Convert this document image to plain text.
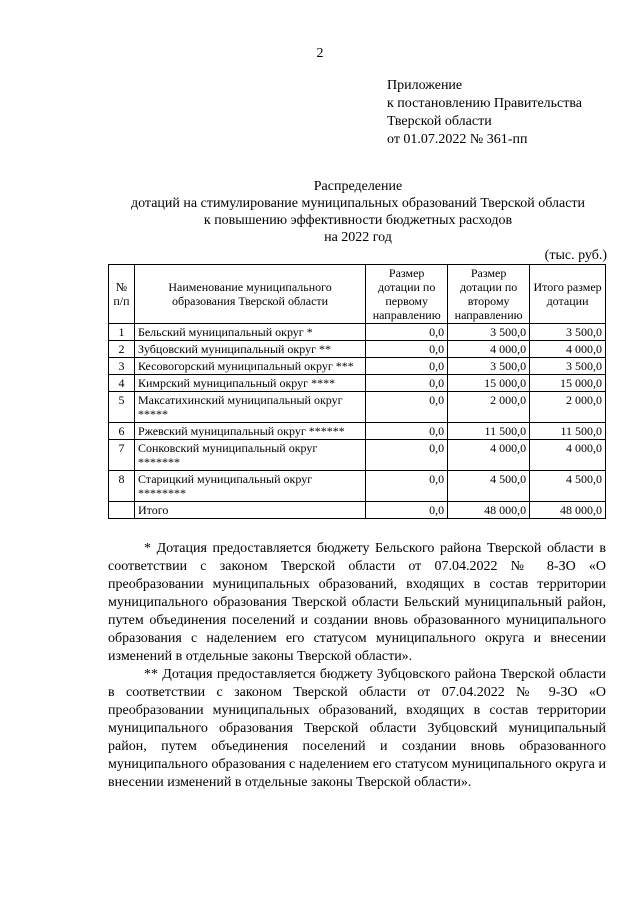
2
Приложение
к постановлению Правительства
Тверской области
от 01.07.2022 № 361-пп
Распределение
дотаций на стимулирование муниципальных образований Тверской области
к повышению эффективности бюджетных расходов
на 2022 год
(тыс. руб.)
№ п/п	Наименование муниципального образования Тверской области	Размер дотации по первому направлению	Размер дотации по второму направлению	Итого размер дотации
1	Бельский муниципальный округ *	0,0	3 500,0	3 500,0
2	Зубцовский муниципальный округ **	0,0	4 000,0	4 000,0
3	Кесовогорский муниципальный округ ***	0,0	3 500,0	3 500,0
4	Кимрский муниципальный округ ****	0,0	15 000,0	15 000,0
5	Максатихинский муниципальный округ *****	0,0	2 000,0	2 000,0
6	Ржевский муниципальный округ ******	0,0	11 500,0	11 500,0
7	Сонковский муниципальный округ *******	0,0	4 000,0	4 000,0
8	Старицкий муниципальный округ ********	0,0	4 500,0	4 500,0
	Итого	0,0	48 000,0	48 000,0

* Дотация предоставляется бюджету Бельского района Тверской области в соответствии с законом Тверской области от 07.04.2022 № 8-ЗО «О преобразовании муниципальных образований, входящих в состав территории муниципального образования Тверской области Бельский муниципальный район, путем объединения поселений и создании вновь образованного муниципального образования с наделением его статусом муниципального округа и внесении изменений в отдельные законы Тверской области».

** Дотация предоставляется бюджету Зубцовского района Тверской области в соответствии с законом Тверской области от 07.04.2022 № 9-ЗО «О преобразовании муниципальных образований, входящих в состав территории муниципального образования Тверской области Зубцовский муниципальный район, путем объединения поселений и создании вновь образованного муниципального образования с наделением его статусом муниципального округа и внесении изменений в отдельные законы Тверской области».
